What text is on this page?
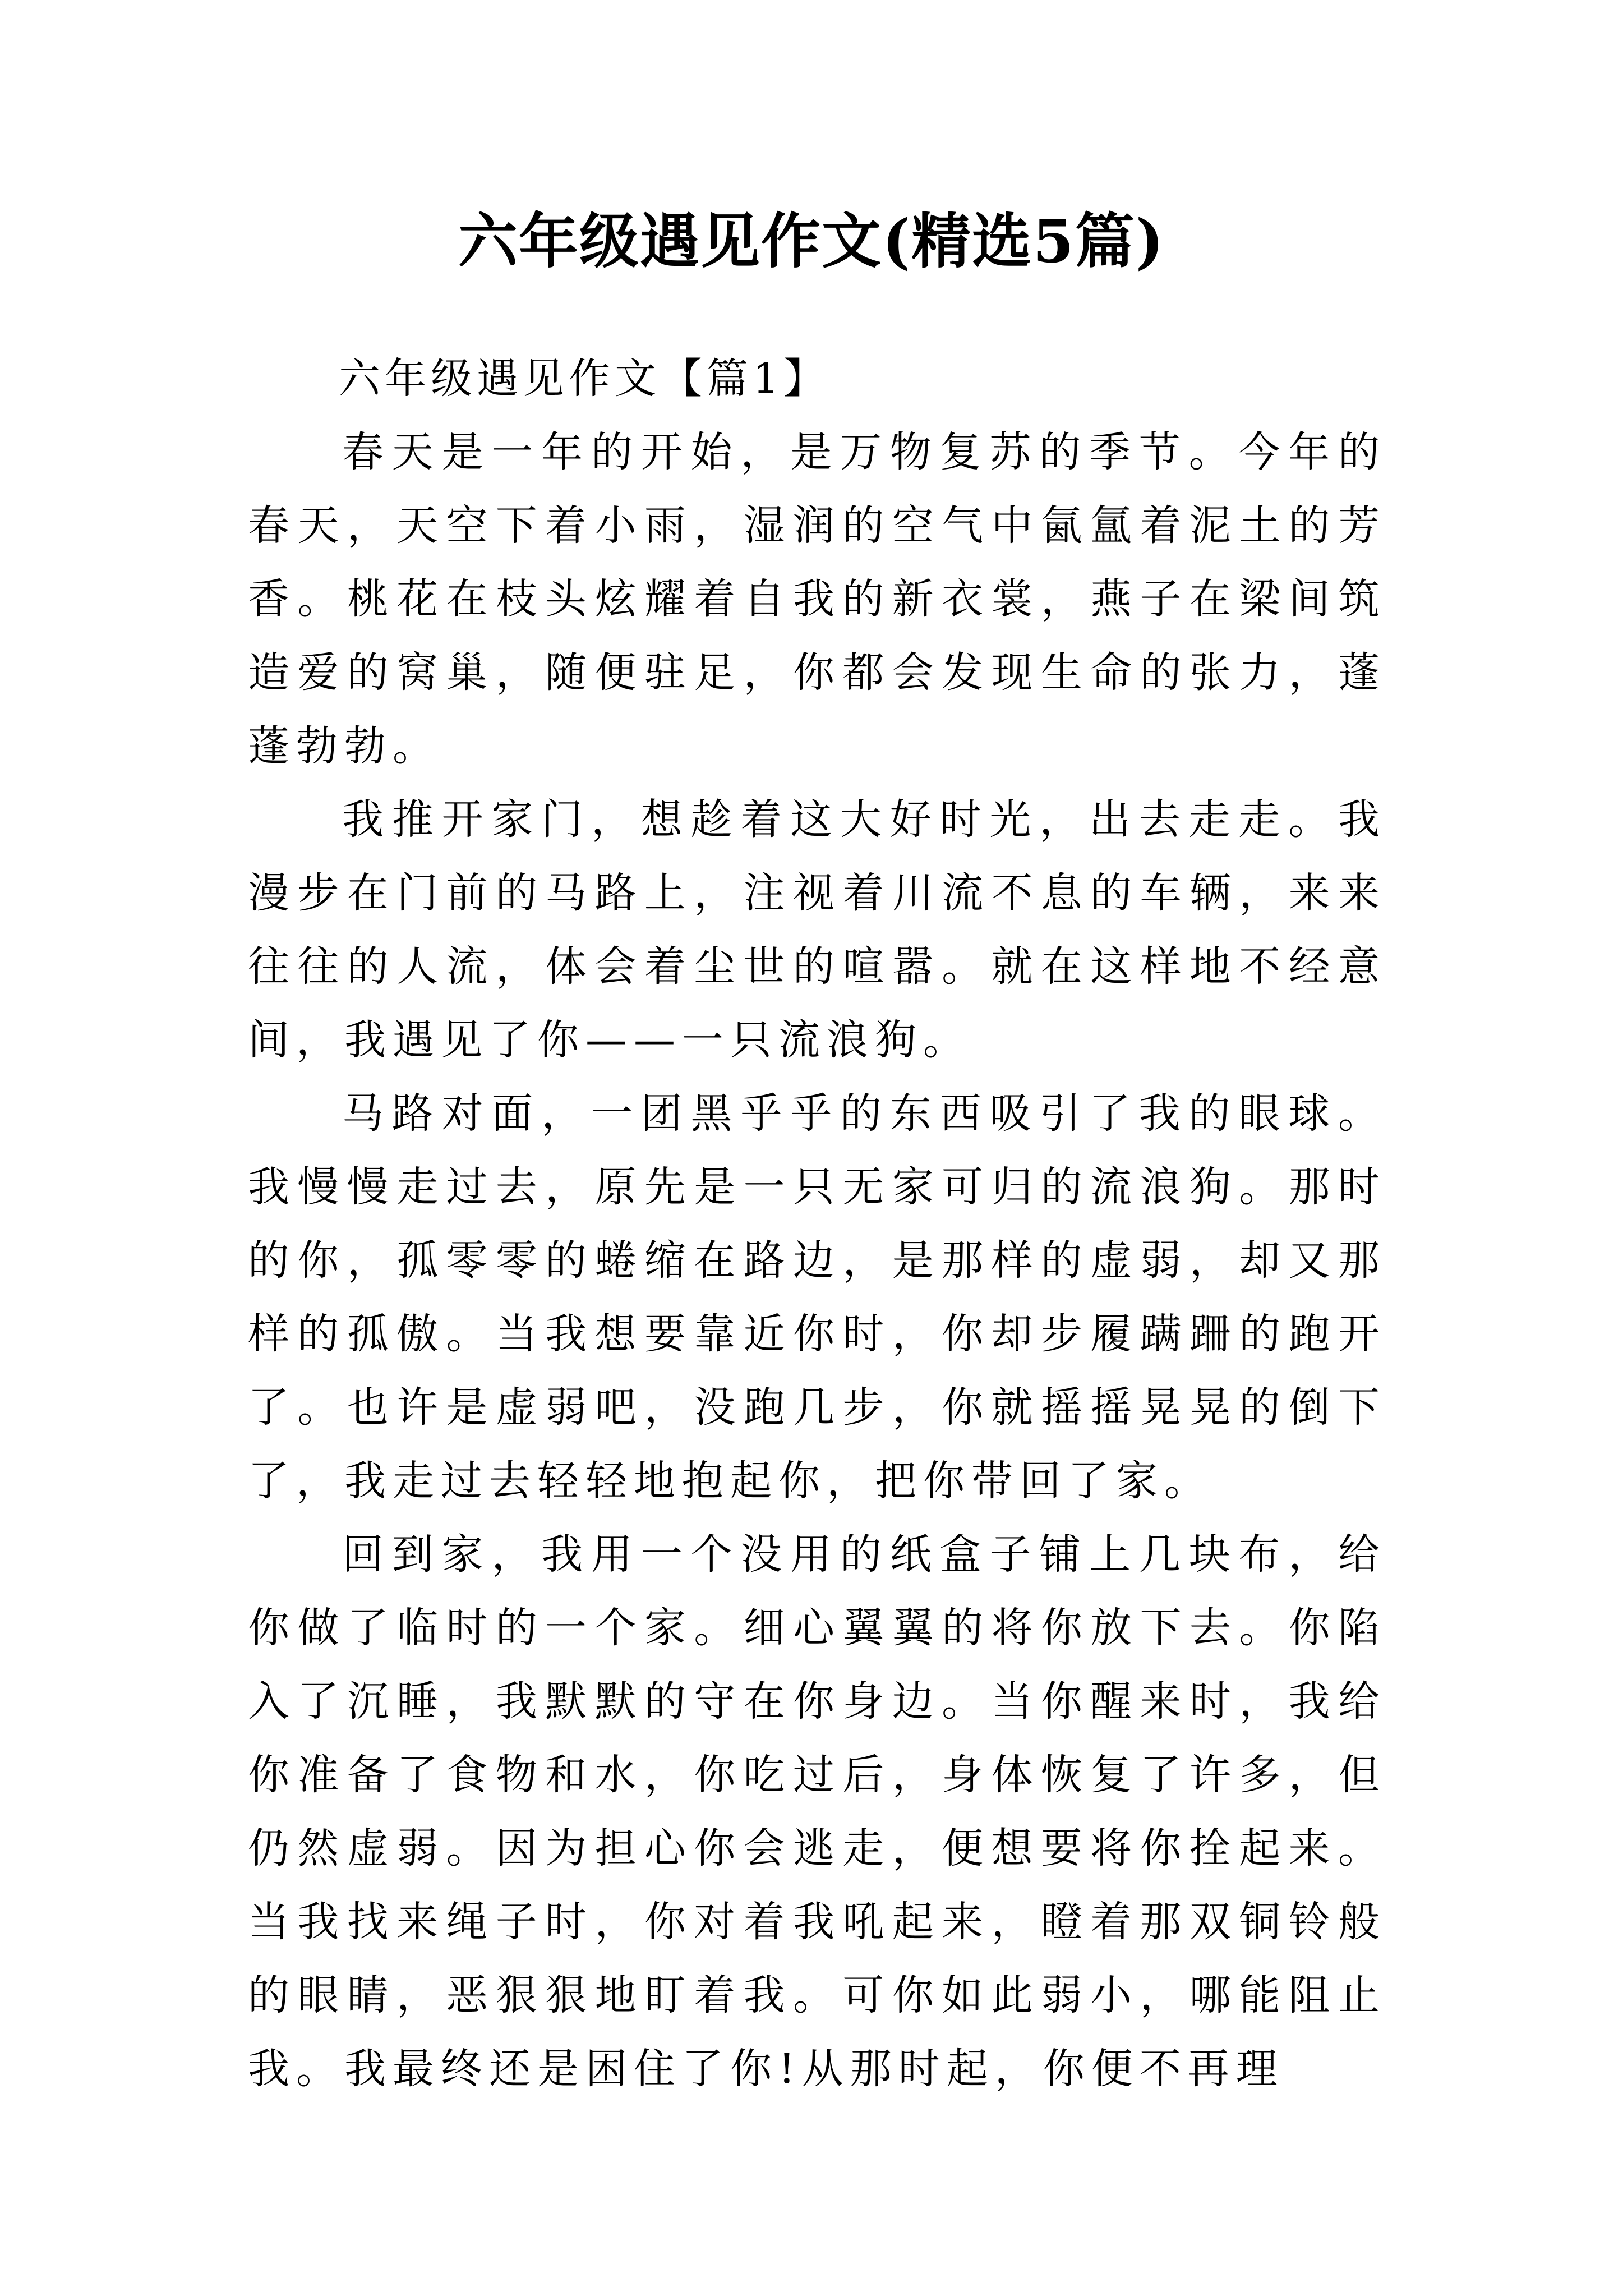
六年级遇见作文(精选5篇)

六年级遇见作文【篇1】

春天是一年的开始，是万物复苏的季节。今年的春天，天空下着小雨，湿润的空气中氤氲着泥土的芳香。桃花在枝头炫耀着自我的新衣裳，燕子在梁间筑造爱的窝巢，随便驻足，你都会发现生命的张力，蓬蓬勃勃。

我推开家门，想趁着这大好时光，出去走走。我漫步在门前的马路上，注视着川流不息的车辆，来来往往的人流，体会着尘世的喧嚣。就在这样地不经意间，我遇见了你——一只流浪狗。

马路对面，一团黑乎乎的东西吸引了我的眼球。我慢慢走过去，原先是一只无家可归的流浪狗。那时的你，孤零零的蜷缩在路边，是那样的虚弱，却又那样的孤傲。当我想要靠近你时，你却步履蹒跚的跑开了。也许是虚弱吧，没跑几步，你就摇摇晃晃的倒下了，我走过去轻轻地抱起你，把你带回了家。

回到家，我用一个没用的纸盒子铺上几块布，给你做了临时的一个家。细心翼翼的将你放下去。你陷入了沉睡，我默默的守在你身边。当你醒来时，我给你准备了食物和水，你吃过后，身体恢复了许多，但仍然虚弱。因为担心你会逃走，便想要将你拴起来。当我找来绳子时，你对着我吼起来，瞪着那双铜铃般的眼睛，恶狠狠地盯着我。可你如此弱小，哪能阻止我。我最终还是困住了你!从那时起，你便不再理
